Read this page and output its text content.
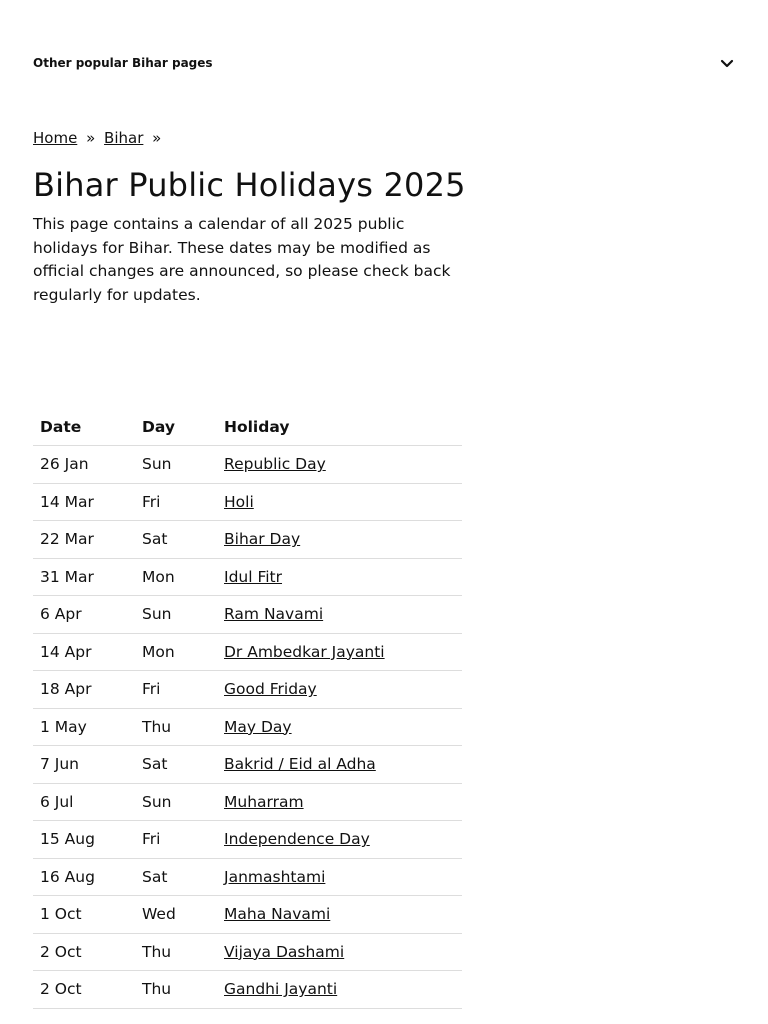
Other popular Bihar pages
Home » Bihar »
Bihar Public Holidays 2025

This page contains a calendar of all 2025 public holidays for Bihar. These dates may be modified as official changes are announced, so please check back regularly for updates.

Date	Day	Holiday
26 Jan	Sun	Republic Day
14 Mar	Fri	Holi
22 Mar	Sat	Bihar Day
31 Mar	Mon	Idul Fitr
6 Apr	Sun	Ram Navami
14 Apr	Mon	Dr Ambedkar Jayanti
18 Apr	Fri	Good Friday
1 May	Thu	May Day
7 Jun	Sat	Bakrid / Eid al Adha
6 Jul	Sun	Muharram
15 Aug	Fri	Independence Day
16 Aug	Sat	Janmashtami
1 Oct	Wed	Maha Navami
2 Oct	Thu	Vijaya Dashami
2 Oct	Thu	Gandhi Jayanti
